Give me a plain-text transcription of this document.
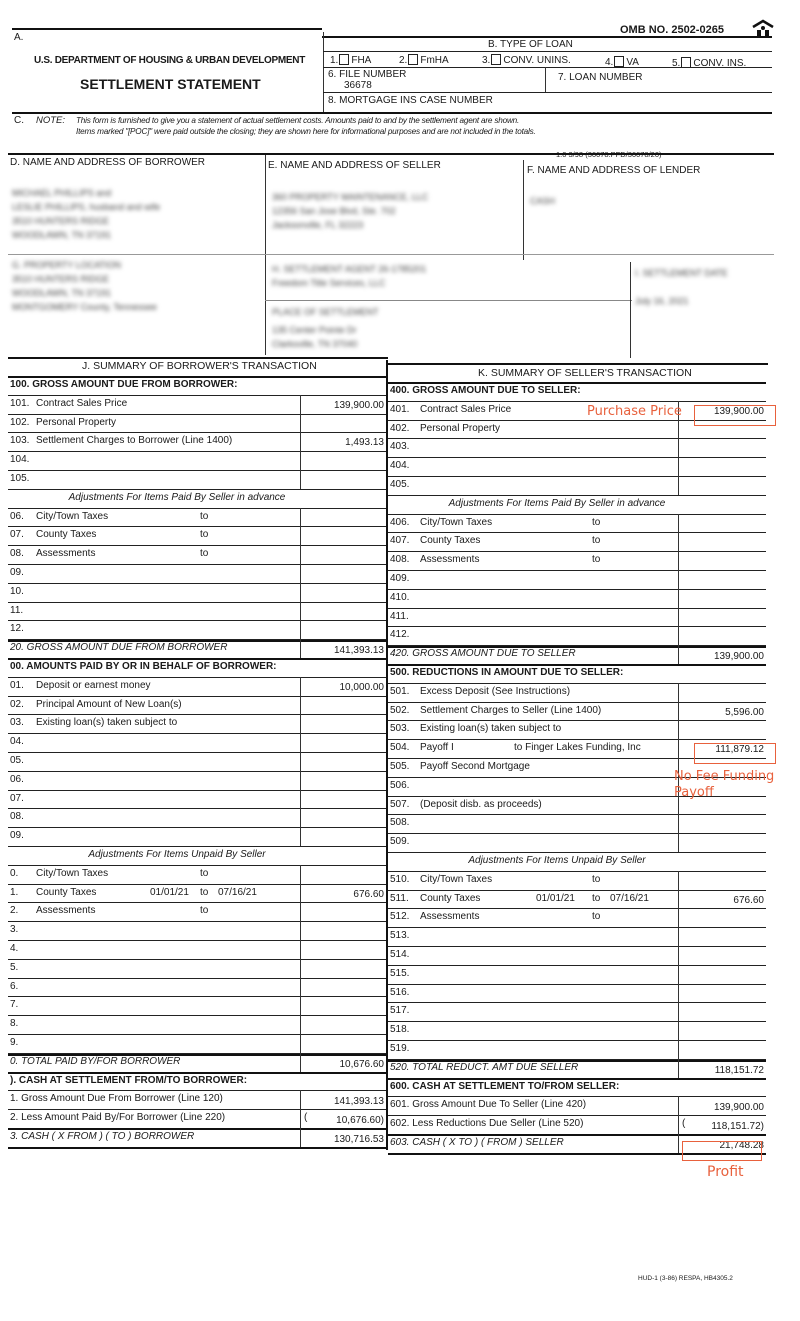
OMB NO. 2502-0265
A.
U.S. DEPARTMENT OF HOUSING & URBAN DEVELOPMENT
SETTLEMENT STATEMENT
B. TYPE OF LOAN
1. FHA	2. FmHA	3. CONV. UNINS.	4. VA	5. CONV. INS.
6. FILE NUMBER
36678
7. LOAN NUMBER
8. MORTGAGE INS CASE NUMBER
C. NOTE: This form is furnished to give you a statement of actual settlement costs. Amounts paid to and by the settlement agent are shown.
Items marked "[POC]" were paid outside the closing; they are shown here for informational purposes and are not included in the totals.
1.0 3/98 (36678.PFD/36678/20)
D. NAME AND ADDRESS OF BORROWER	E. NAME AND ADDRESS OF SELLER	F. NAME AND ADDRESS OF LENDER
MICHAEL PHILLIPS and
LESLIE PHILLIPS, husband and wife
3510 HUNTERS RIDGE
WOODLAWN, TN 37191
360 PROPERTY MAINTENANCE, LLC
12356 San Jose Blvd, Ste. 702
Jacksonville, FL 32223
CASH
G. PROPERTY LOCATION
3510 HUNTERS RIDGE
WOODLAWN, TN 37191
MONTGOMERY County, Tennessee
H. SETTLEMENT AGENT 26-1785201
Freedom Title Services, LLC
I. SETTLEMENT DATE
July 16, 2021
PLACE OF SETTLEMENT
135 Center Pointe Dr
Clarksville, TN 37040
J. SUMMARY OF BORROWER'S TRANSACTION
K. SUMMARY OF SELLER'S TRANSACTION
100. GROSS AMOUNT DUE FROM BORROWER:
101. Contract Sales Price	139,900.00
102. Personal Property
103. Settlement Charges to Borrower (Line 1400)	1,493.13
104.
105.
Adjustments For Items Paid By Seller in advance
06. City/Town Taxes	to
07. County Taxes	to
08. Assessments	to
09.
10.
11.
12.
20. GROSS AMOUNT DUE FROM BORROWER	141,393.13
00. AMOUNTS PAID BY OR IN BEHALF OF BORROWER:
01. Deposit or earnest money	10,000.00
02. Principal Amount of New Loan(s)
03. Existing loan(s) taken subject to
04.
05.
06.
07.
08.
09.
Adjustments For Items Unpaid By Seller
0. City/Town Taxes	to
1. County Taxes	01/01/21 to 07/16/21	676.60
2. Assessments	to
3.
4.
5.
6.
7.
8.
9.
0. TOTAL PAID BY/FOR BORROWER	10,676.60
). CASH AT SETTLEMENT FROM/TO BORROWER:
1. Gross Amount Due From Borrower (Line 120)	141,393.13
(
2. Less Amount Paid By/For Borrower (Line 220)	10,676.60)
3. CASH ( X FROM ) ( TO ) BORROWER	130,716.53
400. GROSS AMOUNT DUE TO SELLER:
401. Contract Sales Price	139,900.00
402. Personal Property
403.
404.
405.
Adjustments For Items Paid By Seller in advance
406. City/Town Taxes	to
407. County Taxes	to
408. Assessments	to
409.
410.
411.
412.
420. GROSS AMOUNT DUE TO SELLER	139,900.00
500. REDUCTIONS IN AMOUNT DUE TO SELLER:
501. Excess Deposit (See Instructions)
502. Settlement Charges to Seller (Line 1400)	5,596.00
503. Existing loan(s) taken subject to
504. Payoff I	to Finger Lakes Funding, Inc	111,879.12
505. Payoff Second Mortgage
506.
507. (Deposit disb. as proceeds)
508.
509.
Adjustments For Items Unpaid By Seller
510. City/Town Taxes	to
511. County Taxes	01/01/21 to 07/16/21	676.60
512. Assessments	to
513.
514.
515.
516.
517.
518.
519.
520. TOTAL REDUCT. AMT DUE SELLER	118,151.72
600. CASH AT SETTLEMENT TO/FROM SELLER:
601. Gross Amount Due To Seller (Line 420)	139,900.00
(
602. Less Reductions Due Seller (Line 520)	118,151.72)
603. CASH ( X TO ) ( FROM ) SELLER	21,748.28
Purchase Price
No Fee Funding
Payoff
Profit
HUD-1 (3-86) RESPA, HB4305.2
